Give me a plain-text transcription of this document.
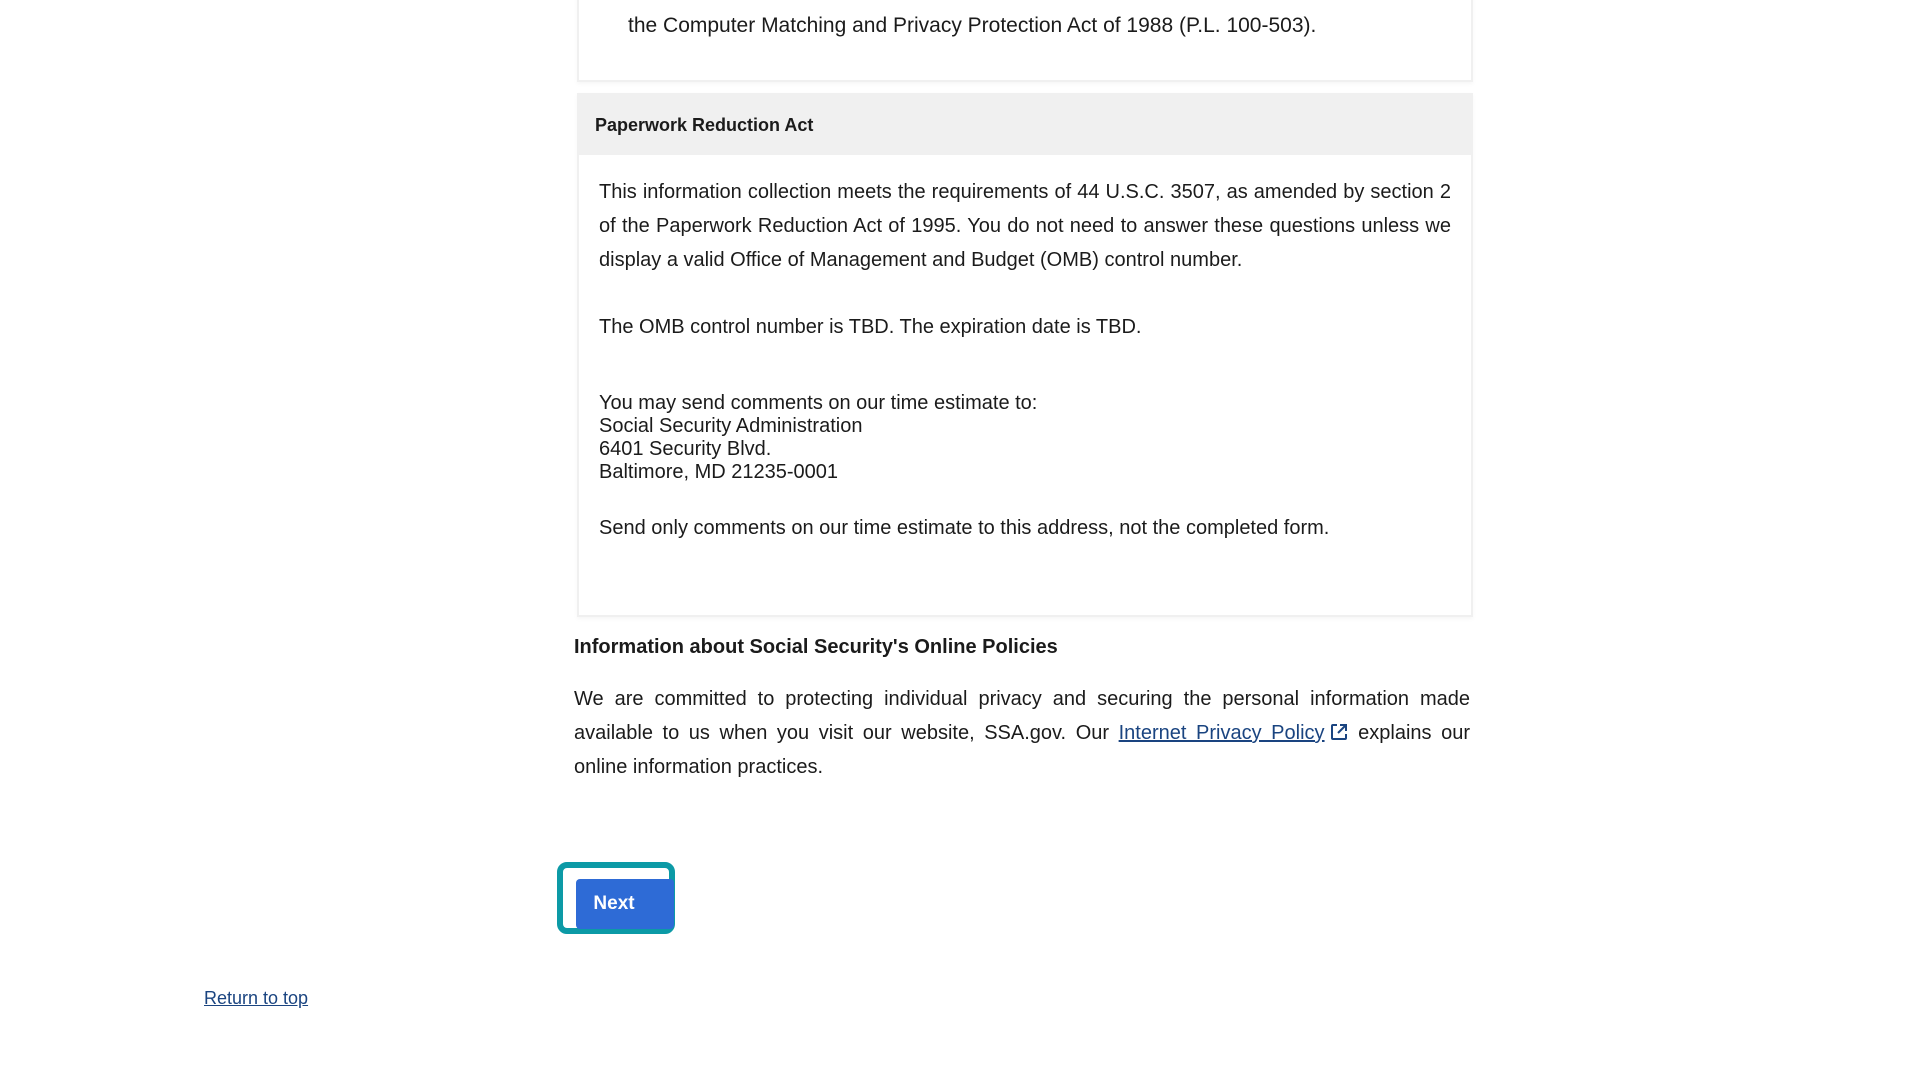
the Computer Matching and Privacy Protection Act of 1988 (P.L. 100-503).
Paperwork Reduction Act

This information collection meets the requirements of 44 U.S.C. 3507, as amended by section 2 of the Paperwork Reduction Act of 1995. You do not need to answer these questions unless we display a valid Office of Management and Budget (OMB) control number.

The OMB control number is TBD. The expiration date is TBD.

You may send comments on our time estimate to:

Social Security Administration

6401 Security Blvd.

Baltimore, MD 21235-0001

Send only comments on our time estimate to this address, not the completed form.

Information about Social Security's Online Policies

We are committed to protecting individual privacy and securing the personal information made available to us when you visit our website, SSA.gov. Our Internet Privacy Policy explains our online information practices.

Next
Return to top
